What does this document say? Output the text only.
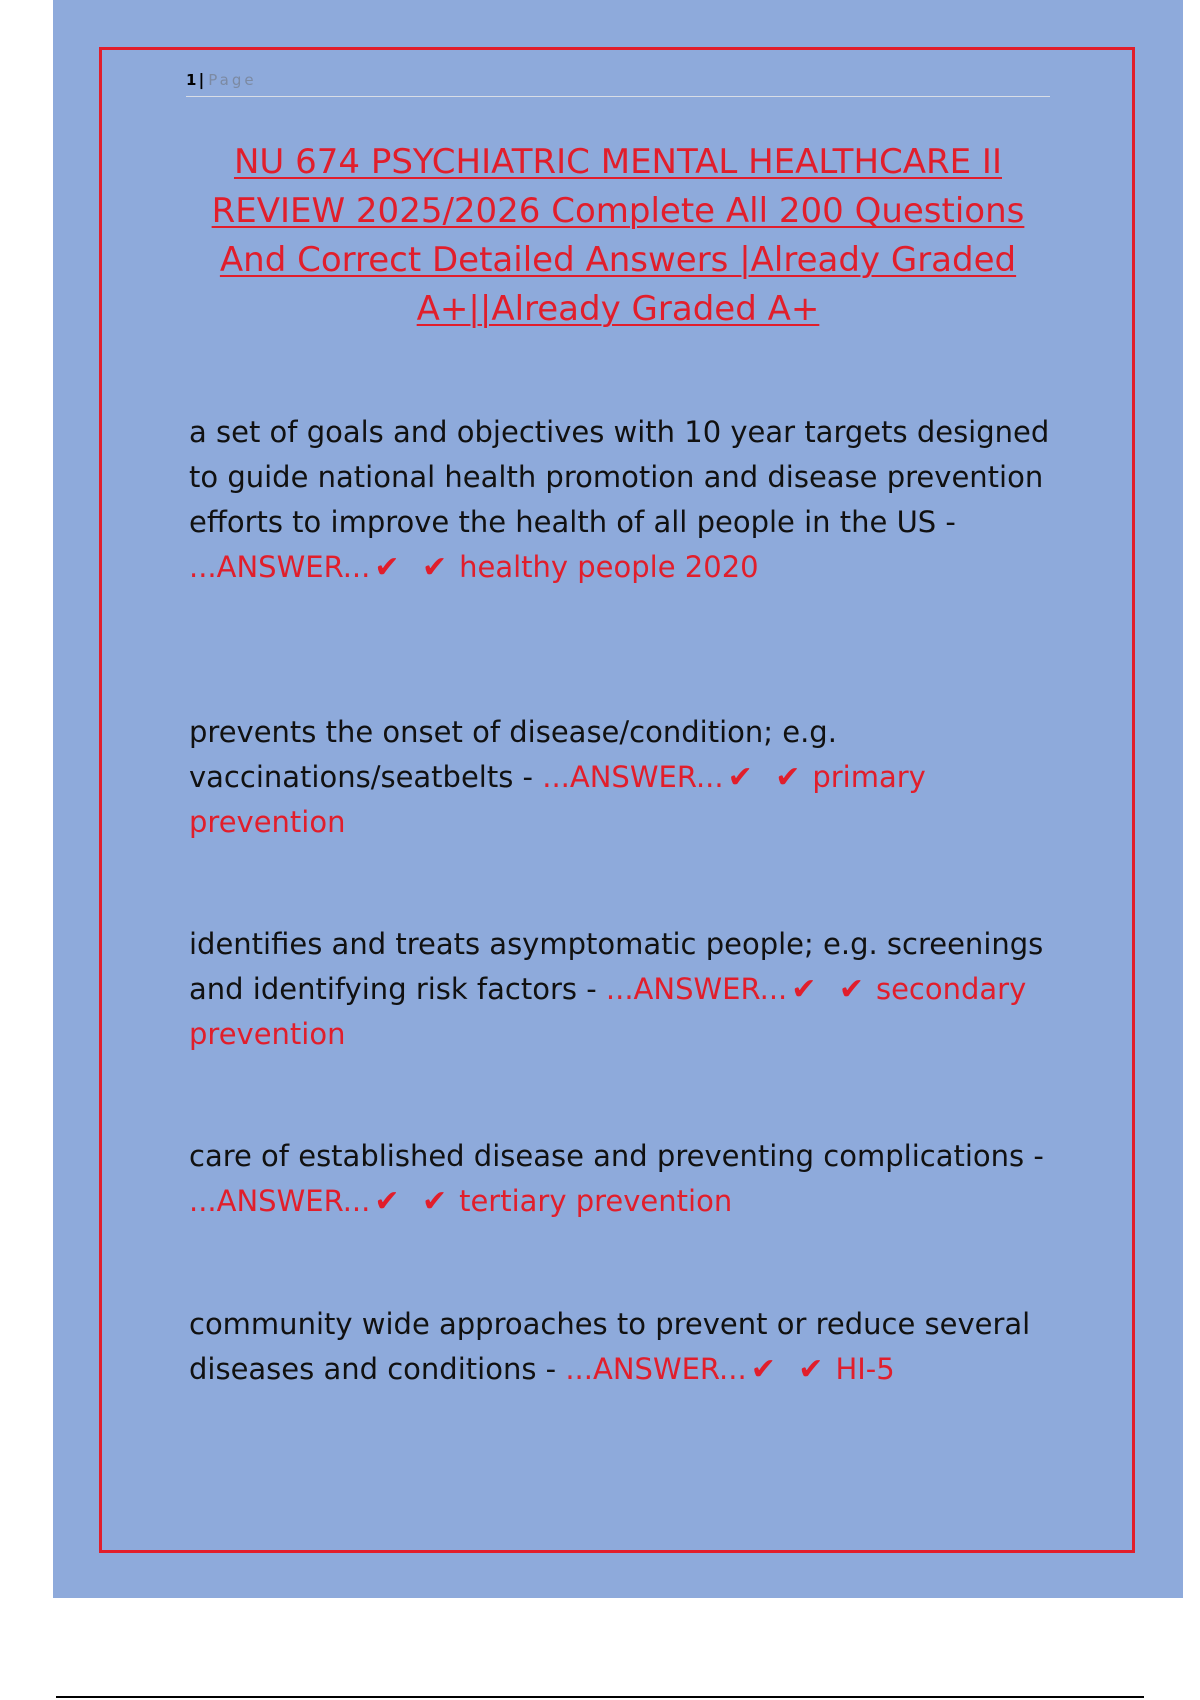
1 | Page
NU 674 PSYCHIATRIC MENTAL HEALTHCARE II REVIEW 2025/2026 Complete All 200 Questions And Correct Detailed Answers |Already Graded A+||Already Graded A+
a set of goals and objectives with 10 year targets designed to guide national health promotion and disease prevention efforts to improve the health of all people in the US - ...ANSWER... ✔ ✔ healthy people 2020
prevents the onset of disease/condition; e.g. vaccinations/seatbelts - ...ANSWER... ✔ ✔ primary prevention
identifies and treats asymptomatic people; e.g. screenings and identifying risk factors - ...ANSWER... ✔ ✔ secondary prevention
care of established disease and preventing complications - ...ANSWER... ✔ ✔ tertiary prevention
community wide approaches to prevent or reduce several diseases and conditions - ...ANSWER... ✔ ✔ HI-5
